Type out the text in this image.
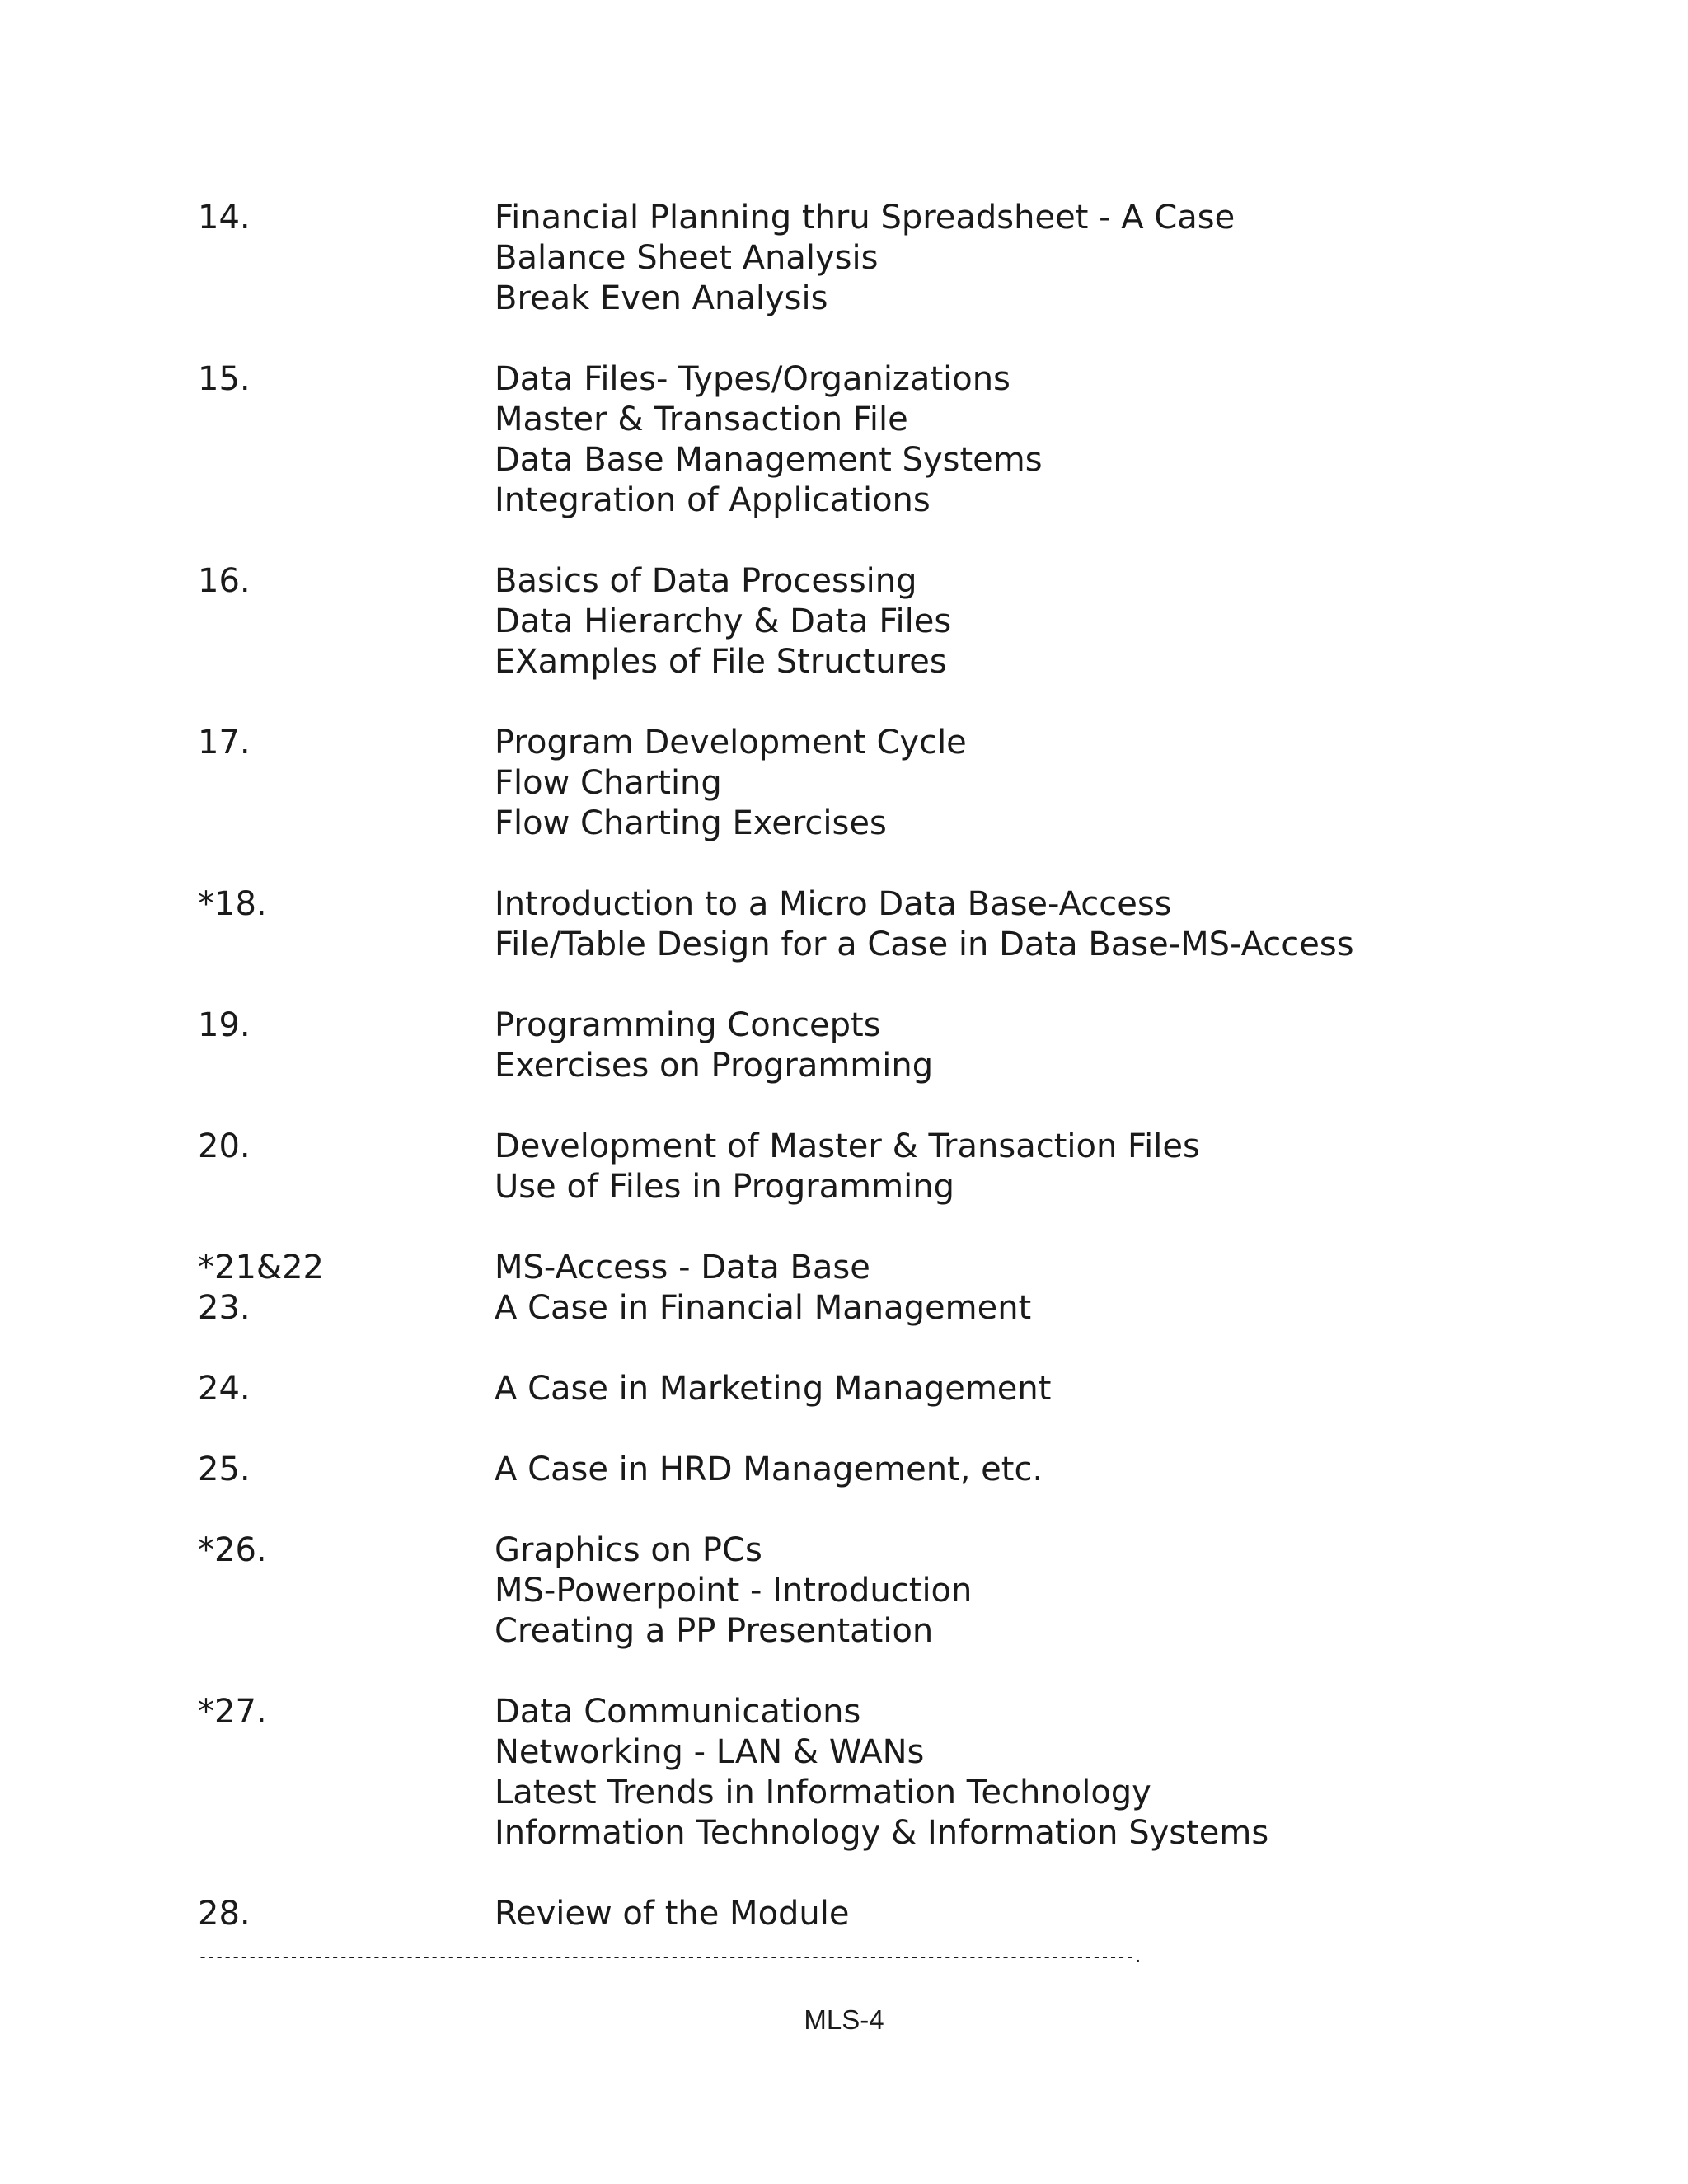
14.	Financial Planning thru Spreadsheet - A Case
Balance Sheet Analysis
Break Even Analysis
15.	Data Files- Types/Organizations
Master & Transaction File
Data Base Management Systems
Integration of Applications
16.	Basics of Data Processing
Data Hierarchy & Data Files
EXamples of File Structures
17.	Program Development Cycle
Flow Charting
Flow Charting Exercises
*18.	Introduction to a Micro Data Base-Access
File/Table Design for a Case in Data Base-MS-Access
19.	Programming Concepts
Exercises on Programming
20.	Development of Master & Transaction Files
Use of Files in Programming
*21&22	MS-Access - Data Base
23.	A Case in Financial Management
24.	A Case in Marketing Management
25.	A Case in HRD Management, etc.
*26.	Graphics on PCs
MS-Powerpoint - Introduction
Creating a PP Presentation
*27.	Data Communications
Networking - LAN & WANs
Latest Trends in Information Technology
Information Technology & Information Systems
28.	Review of the Module
-----------------------------------------------------------------------------------------------------------------.
MLS-4
